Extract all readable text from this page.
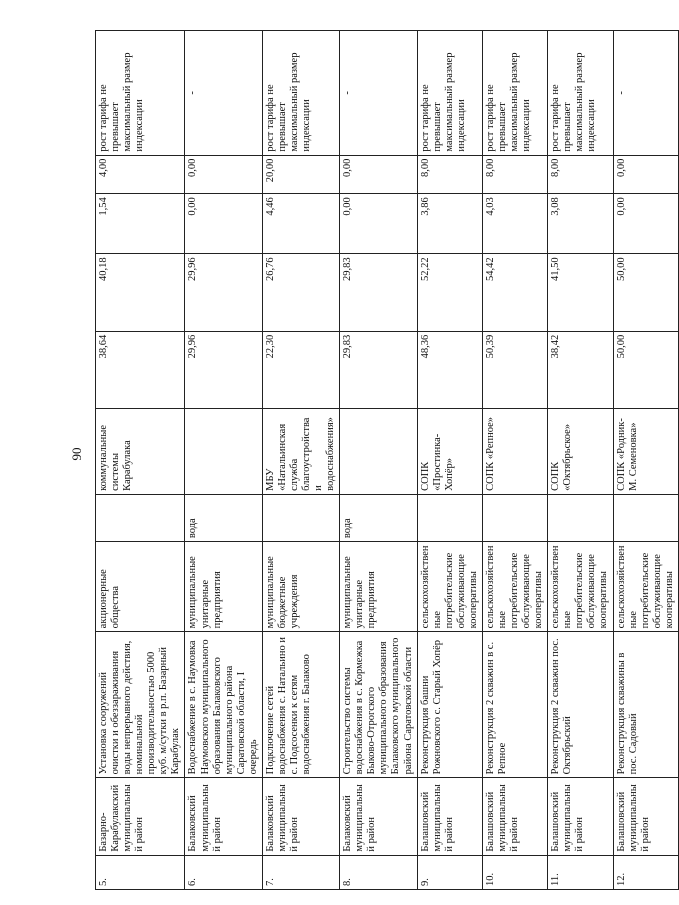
90
5.	Базарно-Карабулакский муниципальный район	Установка сооружений очистки и обеззараживания воды непрерывного действия, номинальной производительностью 5000 куб. м/сутки в р.п. Базарный Карабулак	акционерные общества		коммунальные системы Карабулака	38,64	40,18	1,54	4,00	рост тарифа не превышает максимальный размер индексации
6.	Балаковский муниципальный район	Водоснабжение в с. Наумовка Наумовского муниципального образования Балаковского муниципального района Саратовской области, I очередь	муниципальные унитарные предприятия	вода		29,96	29,96	0,00	0,00	-
7.	Балаковский муниципальный район	Подключение сетей водоснабжения с. Натальино и с. Подсосенки к сетям водоснабжения г. Балаково	муниципальные бюджетные учреждения		МБУ «Натальинская служба благоустройства и водоснабжения»	22,30	26,76	4,46	20,00	рост тарифа не превышает максимальный размер индексации
8.	Балаковский муниципальный район	Строительство системы водоснабжения в с. Кормежка Быково-Отрогского муниципального образования Балаковского муниципального района Саратовской области	муниципальные унитарные предприятия	вода		29,83	29,83	0,00	0,00	-
9.	Балашовский муниципальный район	Реконструкция башни Рожновского с. Старый Хопёр	сельскохозяйственные потребительские обслуживающие кооперативы		СОПК «Простинка-Хопёр»	48,36	52,22	3,86	8,00	рост тарифа не превышает максимальный размер индексации
10.	Балашовский муниципальный район	Реконструкция 2 скважин в с. Репное	сельскохозяйственные потребительские обслуживающие кооперативы		СОПК «Репное»	50,39	54,42	4,03	8,00	рост тарифа не превышает максимальный размер индексации
11.	Балашовский муниципальный район	Реконструкция 2 скважин пос. Октябрьский	сельскохозяйственные потребительские обслуживающие кооперативы		СОПК «Октябрьское»	38,42	41,50	3,08	8,00	рост тарифа не превышает максимальный размер индексации
12.	Балашовский муниципальный район	Реконструкция скважины в пос. Садовый	сельскохозяйственные потребительские обслуживающие кооперативы		СОПК «Родник-М. Семеновка»	50,00	50,00	0,00	0,00	-
